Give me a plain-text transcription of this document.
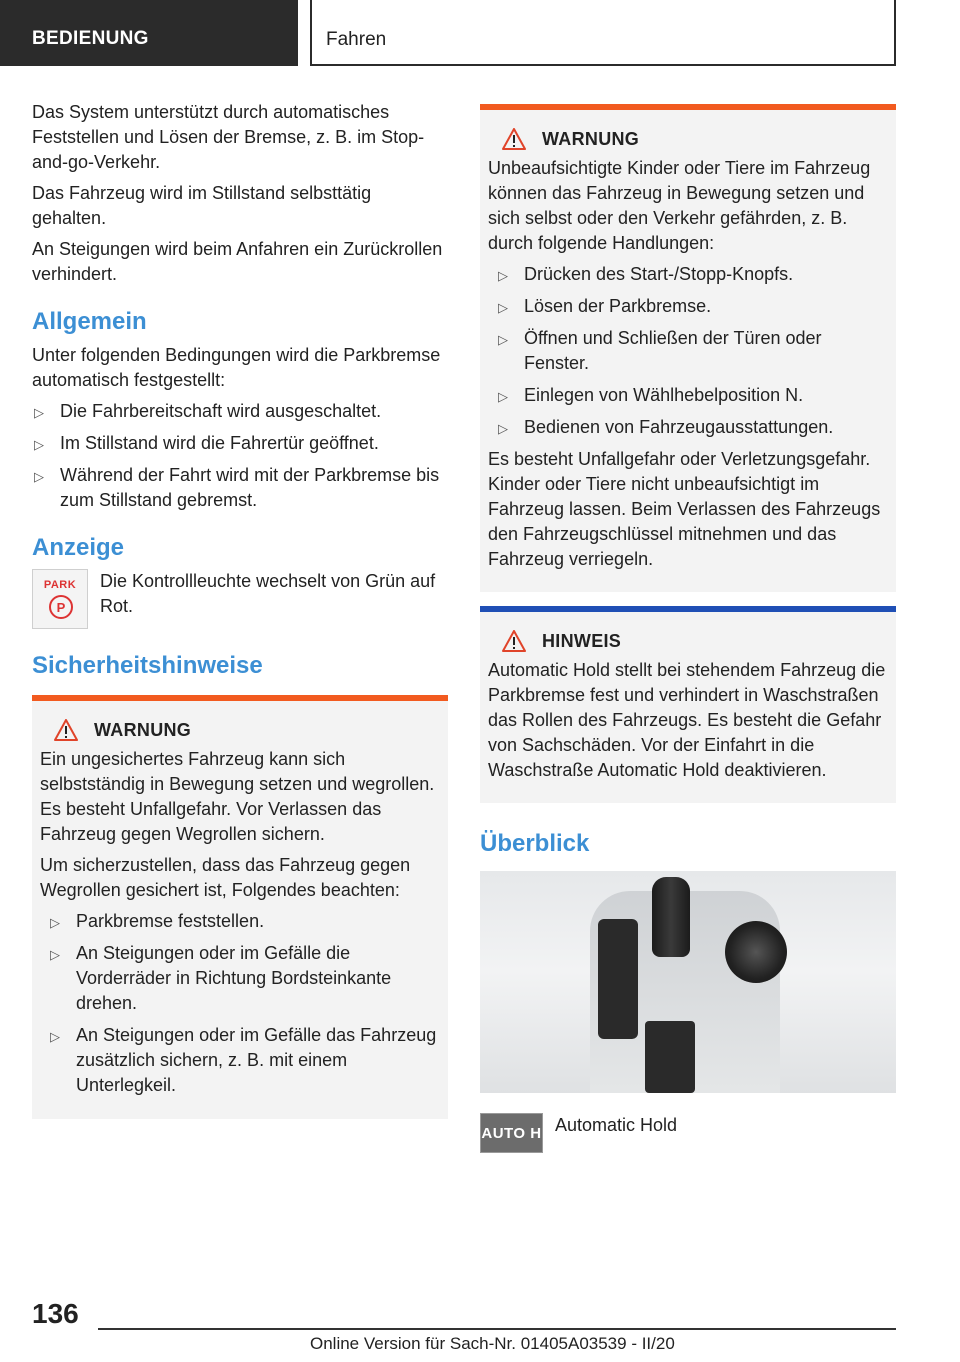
BEDIENUNG	Fahren

Das System unterstützt durch automatisches Feststellen und Lösen der Bremse, z. B. im Stop-and-go-Verkehr.

Das Fahrzeug wird im Stillstand selbsttätig gehalten.

An Steigungen wird beim Anfahren ein Zurückrollen verhindert.

Allgemein

Unter folgenden Bedingungen wird die Parkbremse automatisch festgestellt:

▷ Die Fahrbereitschaft wird ausgeschaltet.
▷ Im Stillstand wird die Fahrertür geöffnet.
▷ Während der Fahrt wird mit der Parkbremse bis zum Stillstand gebremst.
Anzeige
PARK
P

Die Kontrollleuchte wechselt von Grün auf Rot.

Sicherheitshinweise
WARNUNG

Ein ungesichertes Fahrzeug kann sich selbstständig in Bewegung setzen und wegrollen. Es besteht Unfallgefahr. Vor Verlassen das Fahrzeug gegen Wegrollen sichern.

Um sicherzustellen, dass das Fahrzeug gegen Wegrollen gesichert ist, Folgendes beachten:

▷ Parkbremse feststellen.
▷ An Steigungen oder im Gefälle die Vorderräder in Richtung Bordsteinkante drehen.
▷ An Steigungen oder im Gefälle das Fahrzeug zusätzlich sichern, z. B. mit einem Unterlegkeil.
WARNUNG

Unbeaufsichtigte Kinder oder Tiere im Fahrzeug können das Fahrzeug in Bewegung setzen und sich selbst oder den Verkehr gefährden, z. B. durch folgende Handlungen:

▷ Drücken des Start-/Stopp-Knopfs.
▷ Lösen der Parkbremse.
▷ Öffnen und Schließen der Türen oder Fenster.
▷ Einlegen von Wählhebelposition N.
▷ Bedienen von Fahrzeugausstattungen.

Es besteht Unfallgefahr oder Verletzungsgefahr. Kinder oder Tiere nicht unbeaufsichtigt im Fahrzeug lassen. Beim Verlassen des Fahrzeugs den Fahrzeugschlüssel mitnehmen und das Fahrzeug verriegeln.

HINWEIS

Automatic Hold stellt bei stehendem Fahrzeug die Parkbremse fest und verhindert in Waschstraßen das Rollen des Fahrzeugs. Es besteht die Gefahr von Sachschäden. Vor der Einfahrt in die Waschstraße Automatic Hold deaktivieren.

Überblick
AUTO H Automatic Hold

136
Online Version für Sach-Nr. 01405A03539 - II/20
